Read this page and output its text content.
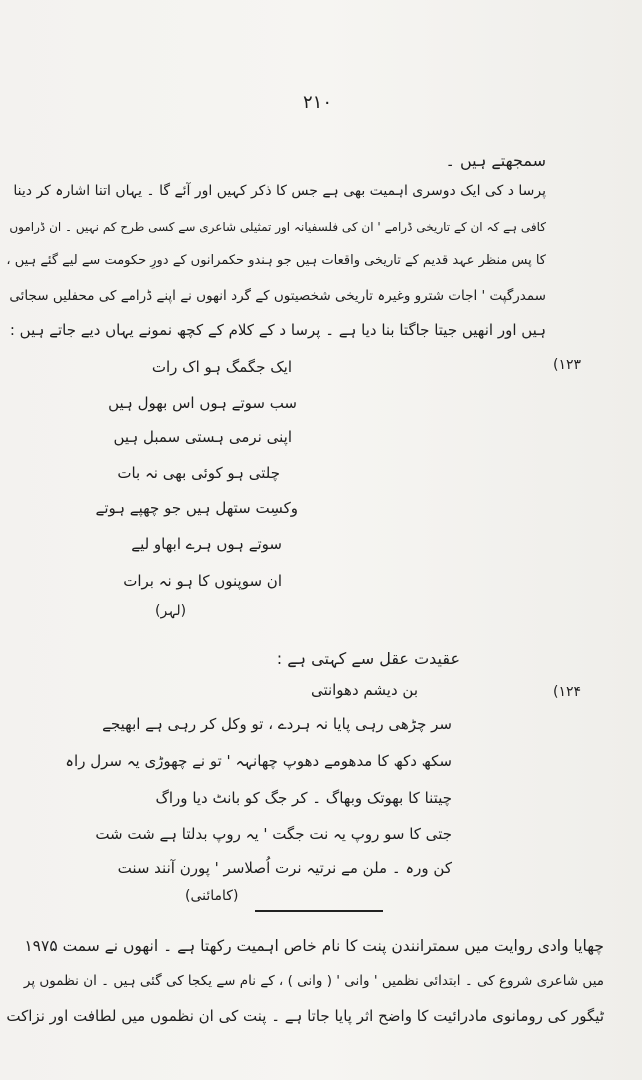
۲۱۰
سمجھتے ہیں ۔
پرسا د کی ایک دوسری اہمیت بھی ہے جس کا ذکر کہیں اور آئے گا ۔ یہاں اتنا اشارہ کر دینا
کافی ہے کہ ان کے تاریخی ڈرامے ' ان کی فلسفیانہ اور تمثیلی شاعری سے کسی طرح کم نہیں ۔ ان ڈراموں
کا پس منظر عہد قدیم کے تاریخی واقعات ہیں جو ہندو حکمرانوں کے دورِ حکومت سے لیے گئے ہیں ،
سمدرگپت ' اجات شترو وغیرہ تاریخی شخصیتوں کے گرد انھوں نے اپنے ڈرامے کی محفلیں سجائی
ہیں اور انھیں جیتا جاگتا بنا دیا ہے ۔ پرسا د کے کلام کے کچھ نمونے یہاں دیے جاتے ہیں :
(۱۲۳
ایک جگمگ ہو اک رات
سب سوتے ہوں اس بھول ہیں
اپنی نرمی ہستی سمبل ہیں
چلتی ہو کوئی بھی نہ بات
وکسِت ستھل ہیں جو چھپے ہوتے
سوتے ہوں ہرے ابھاو لیے
ان سوپنوں کا ہو نہ برات
(لہر)
عقیدت عقل سے کہتی ہے :
بن دیشم دھوانتی	(۱۲۴
سر چڑھی رہی پایا نہ ہردے ، تو وکل کر رہی ہے ابھیجے
سکھ دکھ کا مدھومے دھوپ چھانہہ ' تو نے چھوڑی یہ سرل راہ
چیتنا کا بھوتک وبھاگ ۔ کر جگ کو بانٹ دیا وراگ
جتی کا سو روپ یہ نت جگت ' یہ روپ بدلتا ہے شت شت
کن ورہ ۔ ملن مے نرتیہ نرت اُصلاسر ' پورن آنند سنت
(کامائنی)
چھایا وادی روایت میں سمترانندن پنت کا نام خاص اہمیت رکھتا ہے ۔ انھوں نے سمت ۱۹۷۵
میں شاعری شروع کی ۔ ابتدائی نظمیں ' وانی ' ( وانی ) ، کے نام سے یکجا کی گئی ہیں ۔ ان نظموں پر
ٹیگور کی رومانوی مادرائیت کا واضح اثر پایا جاتا ہے ۔ پنت کی ان نظموں میں لطافت اور نزاکت
